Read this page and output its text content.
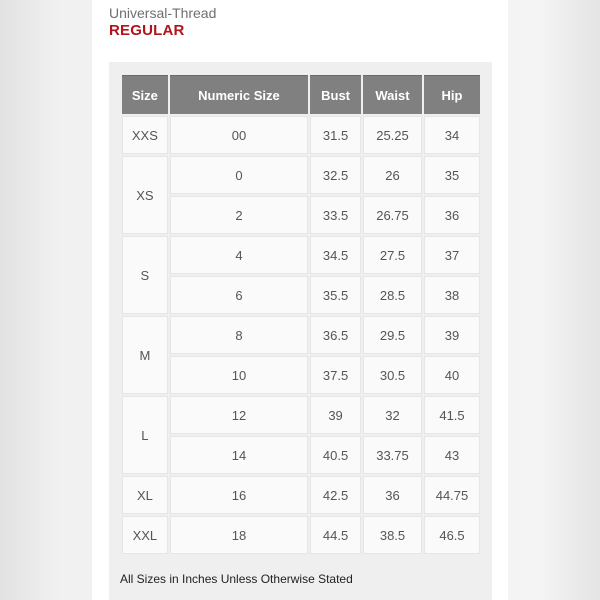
Universal-Thread
REGULAR
Size	Numeric Size	Bust	Waist	Hip
XXS	00	31.5	25.25	34
XS	0	32.5	26	35
	2	33.5	26.75	36
S	4	34.5	27.5	37
	6	35.5	28.5	38
M	8	36.5	29.5	39
	10	37.5	30.5	40
L	12	39	32	41.5
	14	40.5	33.75	43
XL	16	42.5	36	44.75
XXL	18	44.5	38.5	46.5
All Sizes in Inches Unless Otherwise Stated
